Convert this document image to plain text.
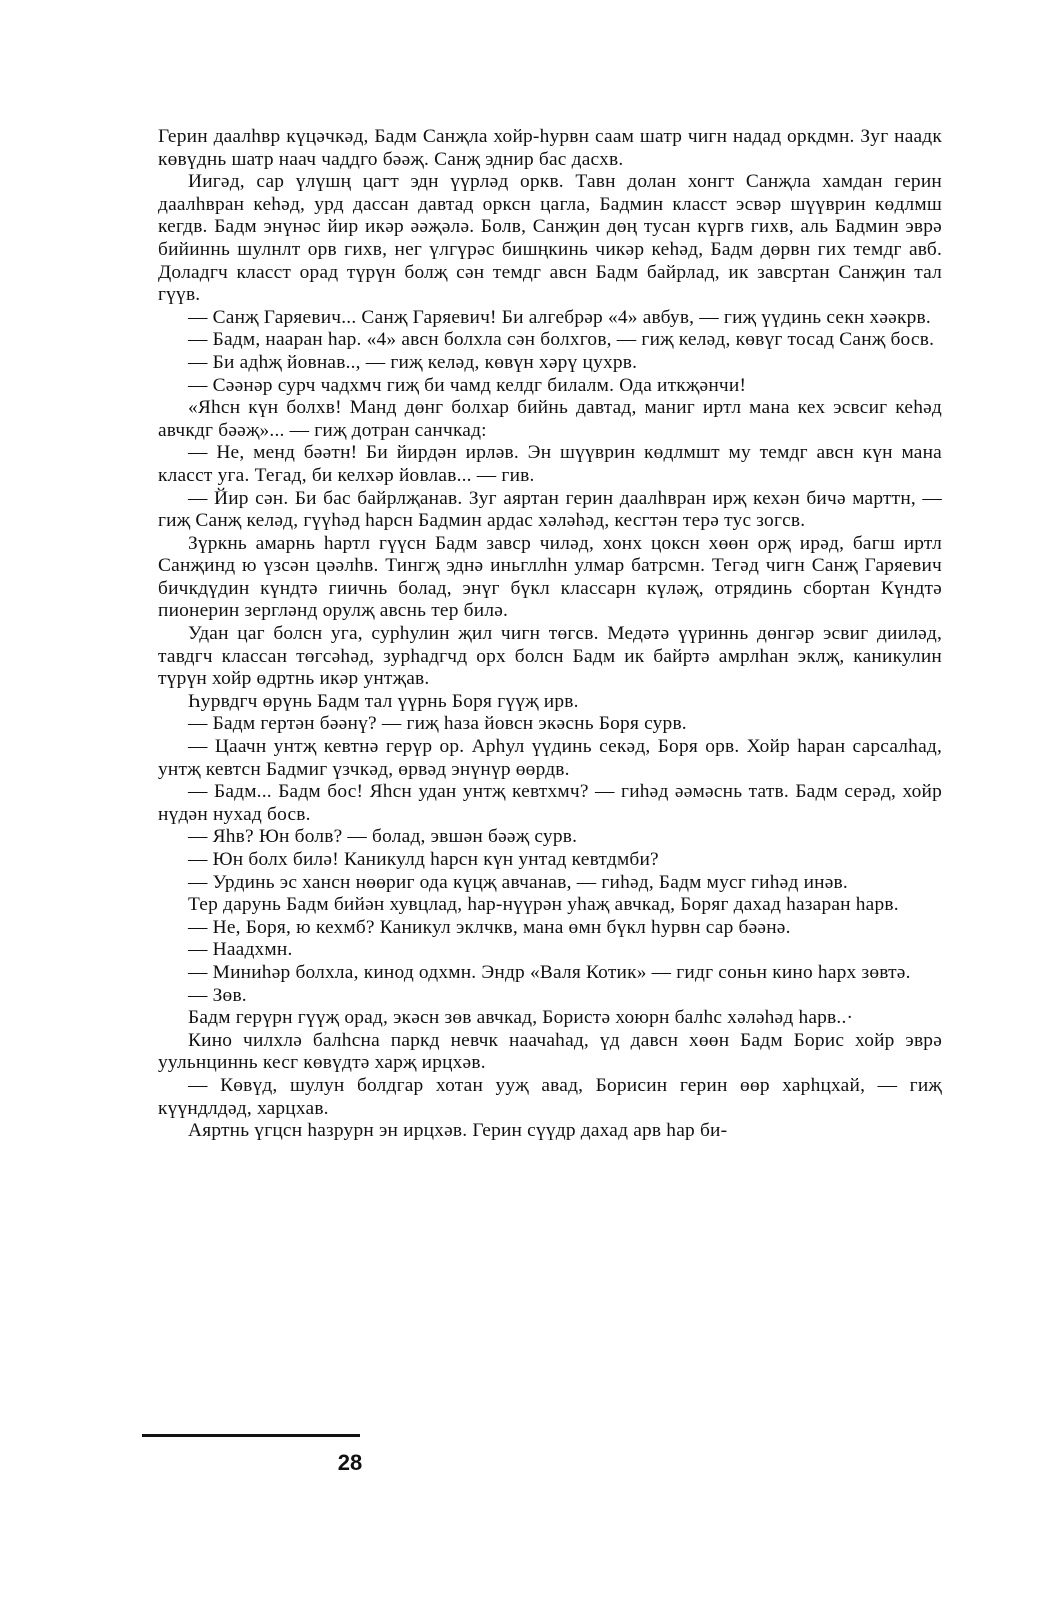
Герин даалһвр күцәчкәд, Бадм Санҗла хойр-һурвн саам шатр чигн надад оркдмн. Зуг наадк көвүднь шатр наач чаддго бәәҗ. Санҗ эднир бас дасхв.

Иигәд, сар үлүшң цагт эдн үүрләд оркв. Тавн долан хонгт Санҗла хамдан герин даалһвран кеһәд, урд дассан давтад орксн цагла, Бадмин класст эсвәр шүүврин көдлмш кегдв. Бадм энүнәс йир икәр әәҗәлә. Болв, Санҗин дөң тусан күргв гихв, аль Бадмин эврә бийиннь шулнлт орв гихв, нег үлгүрәс бишңкинь чикәр кеһәд, Бадм дөрвн гих темдг авб. Доладгч класст орад түрүн болҗ сән темдг авсн Бадм байрлад, ик завсртан Санҗин тал гүүв.

— Санҗ Гаряевич... Санҗ Гаряевич! Би алгебрәр «4» авбув, — гиҗ үүдинь секн хәәкрв.

— Бадм, нааран һар. «4» авсн болхла сән болхгов, — гиҗ келәд, көвүг тосад Санҗ босв.

— Би адһҗ йовнав.., — гиҗ келәд, көвүн хәрү цухрв.

— Сәәнәр сурч чадхмч гиҗ би чамд келдг билалм. Ода иткҗәнчи!

«Яһсн күн болхв! Манд дөнг болхар бийнь давтад, маниг иртл мана кех эсвсиг кеһәд авчкдг бәәҗ»... — гиҗ дотран санчкад:

— Не, менд бәәтн! Би йирдән ирләв. Эн шүүврин көдлмшт му темдг авсн күн мана класст уга. Тегад, би келхәр йовлав... — гив.

— Йир сән. Би бас байрлҗанав. Зуг аяртан герин даалһвран ирҗ кехән бичә марттн, — гиҗ Санҗ келәд, гүүһәд һарсн Бадмин ардас хәләһәд, кесгтән терә тус зогсв.

Зүркнь амарнь һартл гүүсн Бадм завср чиләд, хонх цоксн хөөн орҗ ирәд, багш иртл Санҗинд ю үзсән цәәлһв. Тингҗ эднә иньгллһн улмар батрсмн. Тегәд чигн Санҗ Гаряевич бичкдүдин күндтә гиичнь болад, энүг бүкл классарн күләҗ, отрядинь сбортан Күндтә пионерин зергләнд орулҗ авснь тер билә.

Удан цаг болсн уга, сурһулин җил чигн төгсв. Медәтә үүриннь дөнгәр эсвиг дииләд, тавдгч классан төгсәһәд, зурһадгчд орх болсн Бадм ик байртә амрлһан эклҗ, каникулин түрүн хойр өдртнь икәр унтҗав.

Һурвдгч өрүнь Бадм тал үүрнь Боря гүүҗ ирв.

— Бадм гертән бәәнү? — гиҗ һаза йовсн экәснь Боря сурв.

— Цаачн унтҗ кевтнә герүр ор. Арһул үүдинь секәд, Боря орв. Хойр һаран сарсалһад, унтҗ кевтсн Бадмиг үзчкәд, өрвәд энүнүр өөрдв.

— Бадм... Бадм бос! Яһсн удан унтҗ кевтхмч? — гиһәд әәмәснь татв. Бадм серәд, хойр нүдән нухад босв.

— Яһв? Юн болв? — болад, эвшән бәәҗ сурв.

— Юн болх билә! Каникулд һарсн күн унтад кевтдмби?

— Урдинь эс хансн нөөриг ода күцҗ авчанав, — гиһәд, Бадм мусг гиһәд инәв.

Тер дарунь Бадм бийән хувцлад, һар-нүүрән уһаҗ авчкад, Боряг дахад һазаран һарв.

— Не, Боря, ю кехмб? Каникул эклчкв, мана өмн бүкл һурвн сар бәәнә.

— Наадхмн.

— Миниһәр болхла, кинод одхмн. Эндр «Валя Котик» — гидг соньн кино һарх зөвтә.

— Зөв.

Бадм герүрн гүүҗ орад, экәсн зөв авчкад, Бористә хоюрн балһс хәләһәд һарв..·

Кино чилхлә балһсна паркд невчк наачаһад, үд давсн хөөн Бадм Борис хойр эврә уульнциннь кесг көвүдтә харҗ ирцхәв.

— Көвүд, шулун болдгар хотан ууҗ авад, Борисин герин өөр харһцхай, — гиҗ күүндлдәд, харцхав.

Аяртнь үгцсн һазрурн эн ирцхәв. Герин сүүдр дахад арв һар би-

28
